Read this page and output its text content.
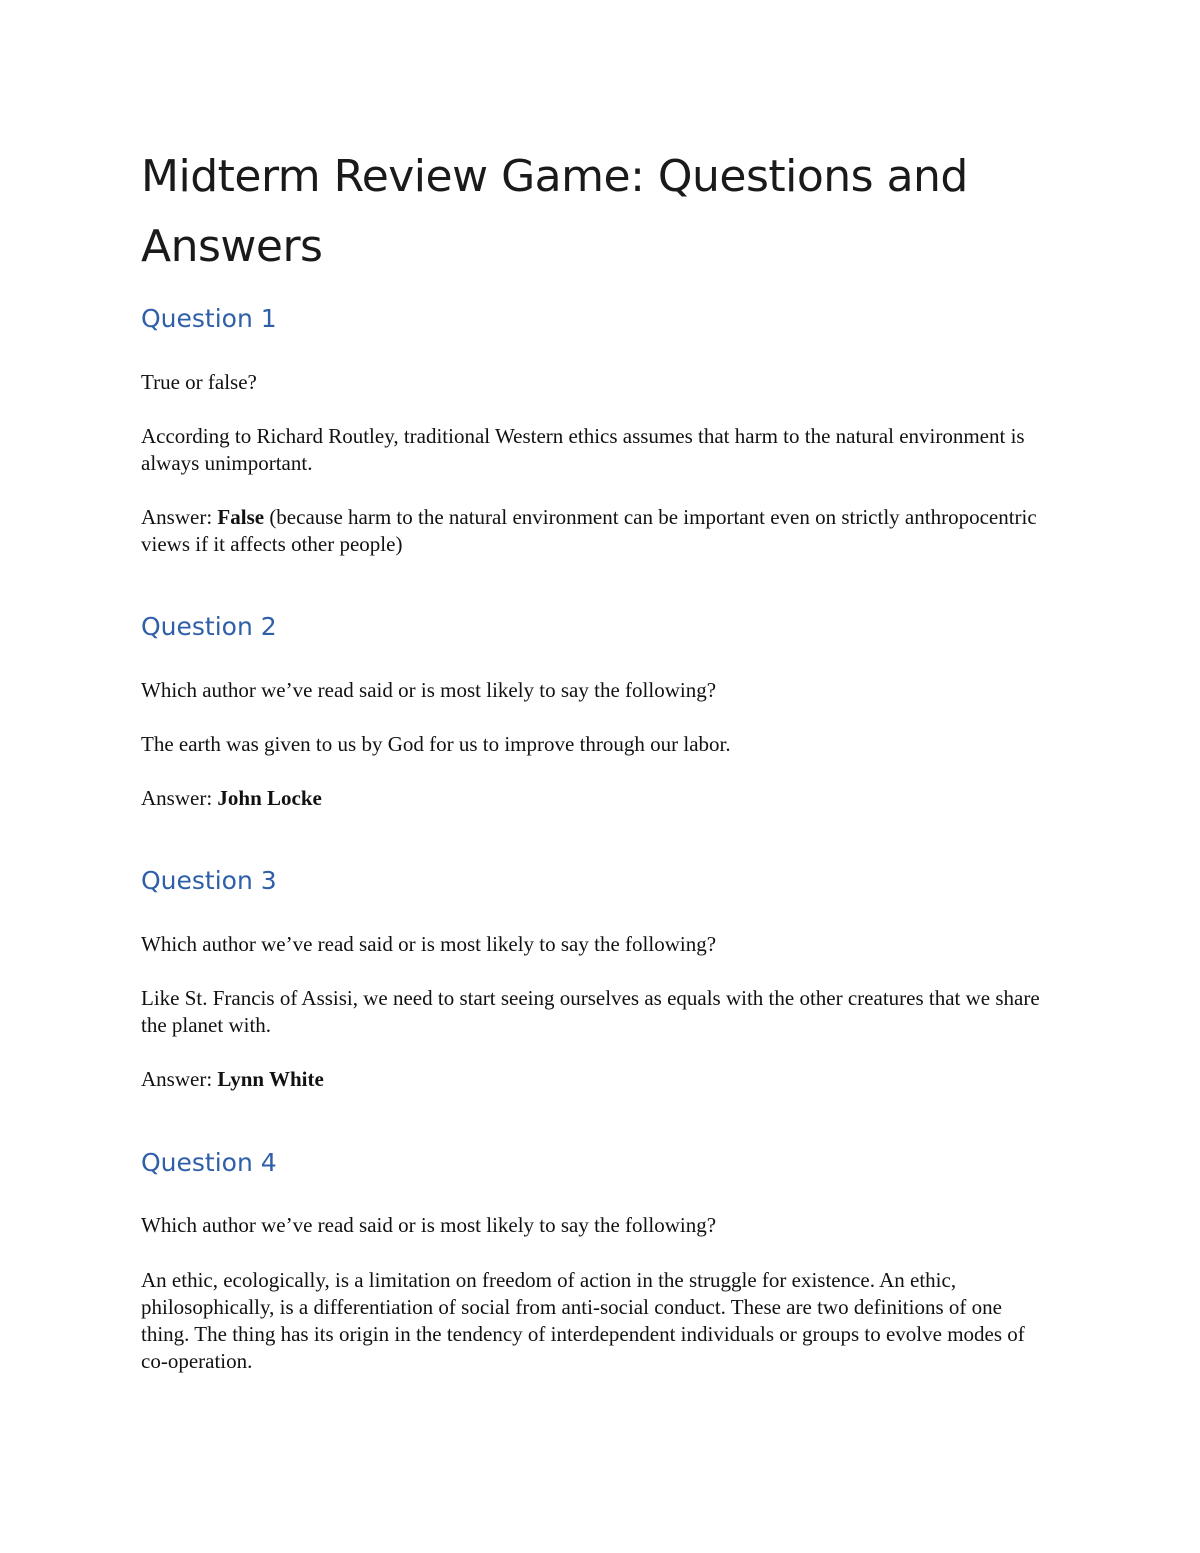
Midterm Review Game: Questions and Answers
Question 1

True or false?

According to Richard Routley, traditional Western ethics assumes that harm to the natural environment is always unimportant.

Answer: False (because harm to the natural environment can be important even on strictly anthropocentric views if it affects other people)

Question 2

Which author we’ve read said or is most likely to say the following?

The earth was given to us by God for us to improve through our labor.

Answer: John Locke

Question 3

Which author we’ve read said or is most likely to say the following?

Like St. Francis of Assisi, we need to start seeing ourselves as equals with the other creatures that we share the planet with.

Answer: Lynn White

Question 4

Which author we’ve read said or is most likely to say the following?

An ethic, ecologically, is a limitation on freedom of action in the struggle for existence. An ethic, philosophically, is a differentiation of social from anti-social conduct. These are two definitions of one thing. The thing has its origin in the tendency of interdependent individuals or groups to evolve modes of co-operation.
